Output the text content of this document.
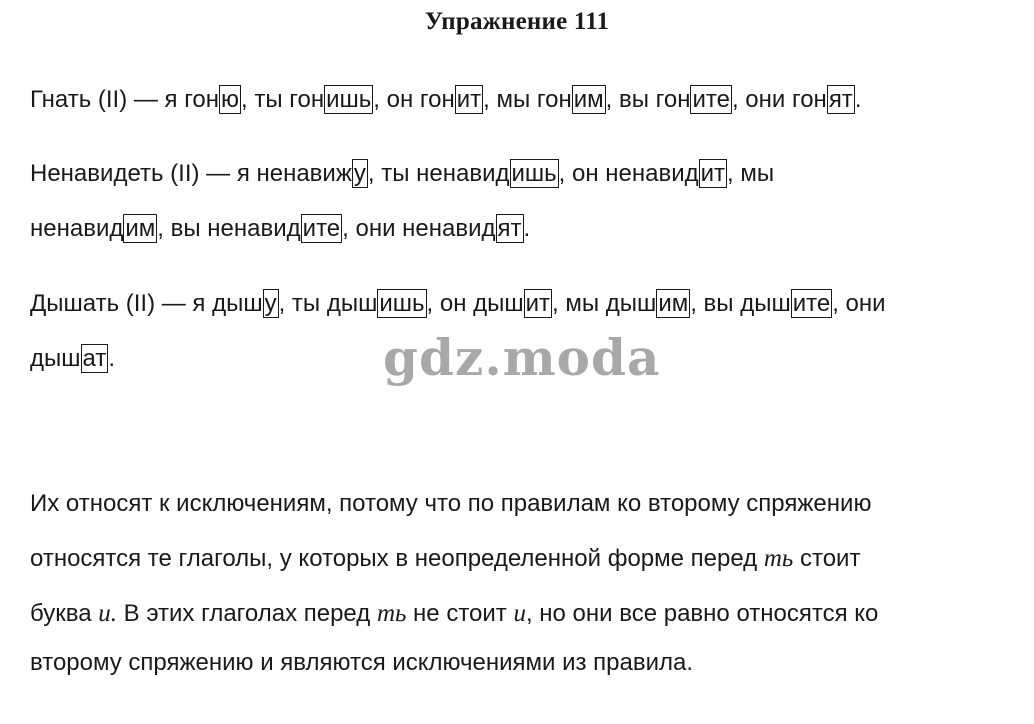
Упражнение 111
Гнать (II) — я гоню, ты гонишь, он гонит, мы гоним, вы гоните, они гонят.
Ненавидеть (II) — я ненавижу, ты ненавидишь, он ненавидит, мы
ненавидим, вы ненавидите, они ненавидят.
Дышать (II) — я дышу, ты дышишь, он дышит, мы дышим, вы дышите, они
дышат.	gdz.moda
Их относят к исключениям, потому что по правилам ко второму спряжению
относятся те глаголы, у которых в неопределенной форме перед ть стоит
буква и. В этих глаголах перед ть не стоит и, но они все равно относятся ко
второму спряжению и являются исключениями из правила.
